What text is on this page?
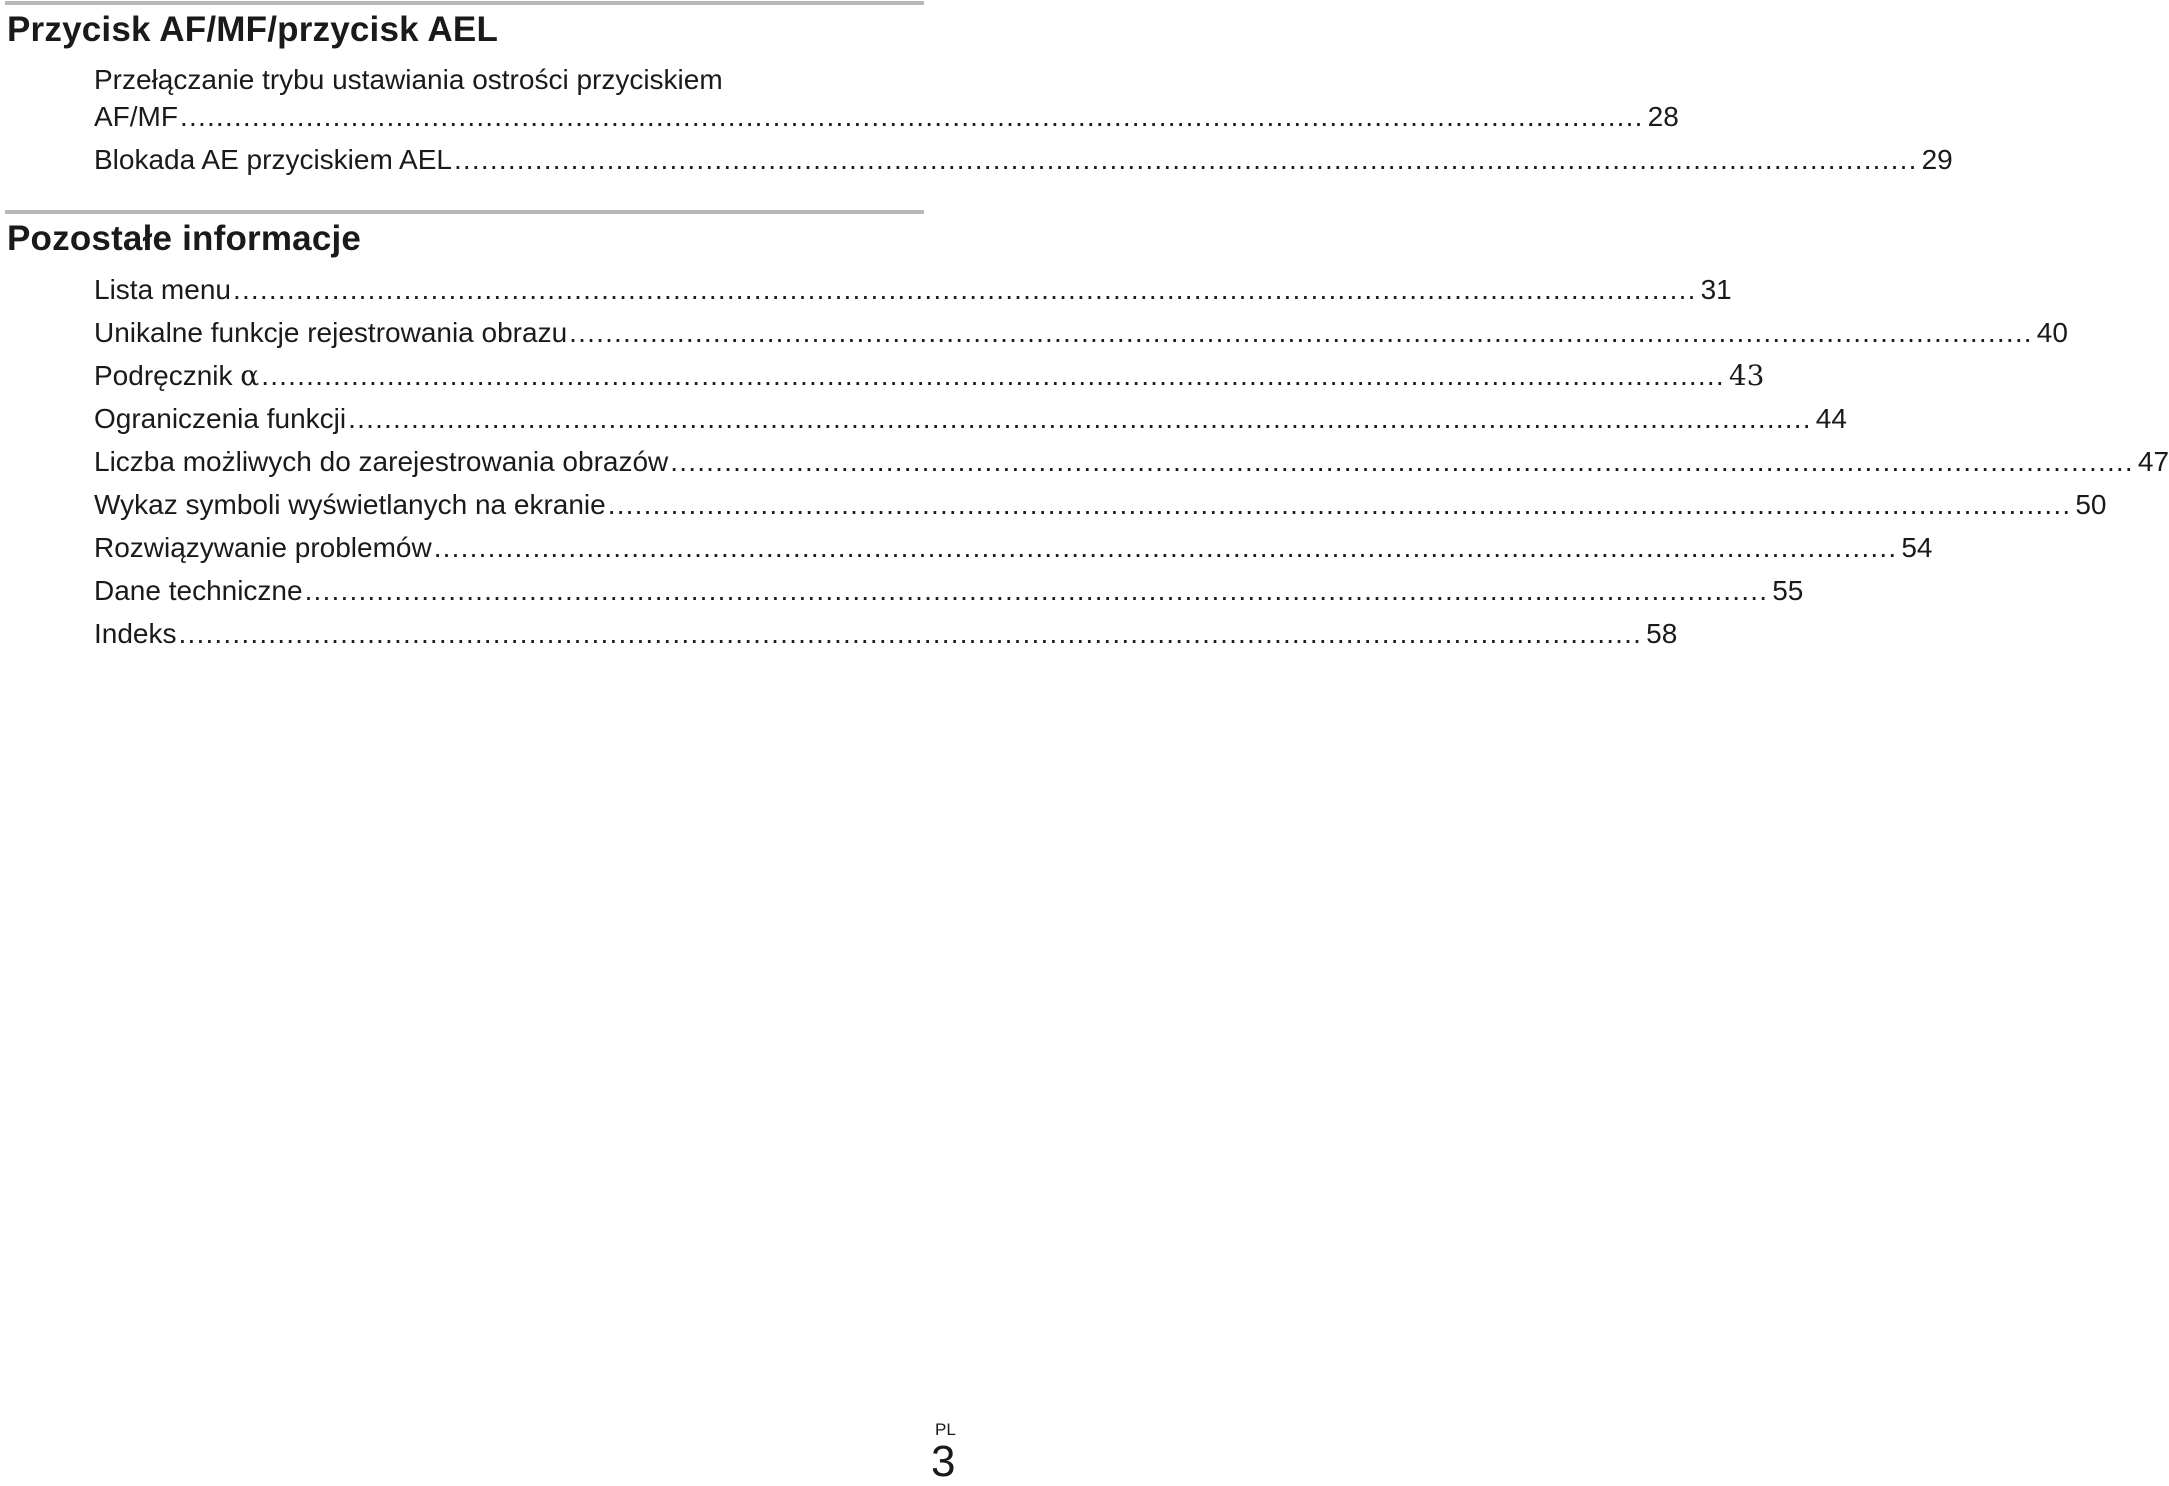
Przycisk AF/MF/przycisk AEL
Przełączanie trybu ustawiania ostrości przyciskiem
AF/MF ................................................................................................................................................................... 28
Blokada AE przyciskiem AEL ................................................................................................................................................................... 29
Pozostałe informacje
Lista menu ................................................................................................................................................................... 31
Unikalne funkcje rejestrowania obrazu ................................................................................................................................................................... 40
Podręcznik α ................................................................................................................................................................... 43
Ograniczenia funkcji ................................................................................................................................................................... 44
Liczba możliwych do zarejestrowania obrazów ................................................................................................................................................................... 47
Wykaz symboli wyświetlanych na ekranie ................................................................................................................................................................... 50
Rozwiązywanie problemów ................................................................................................................................................................... 54
Dane techniczne ................................................................................................................................................................... 55
Indeks ................................................................................................................................................................... 58
PL
3
